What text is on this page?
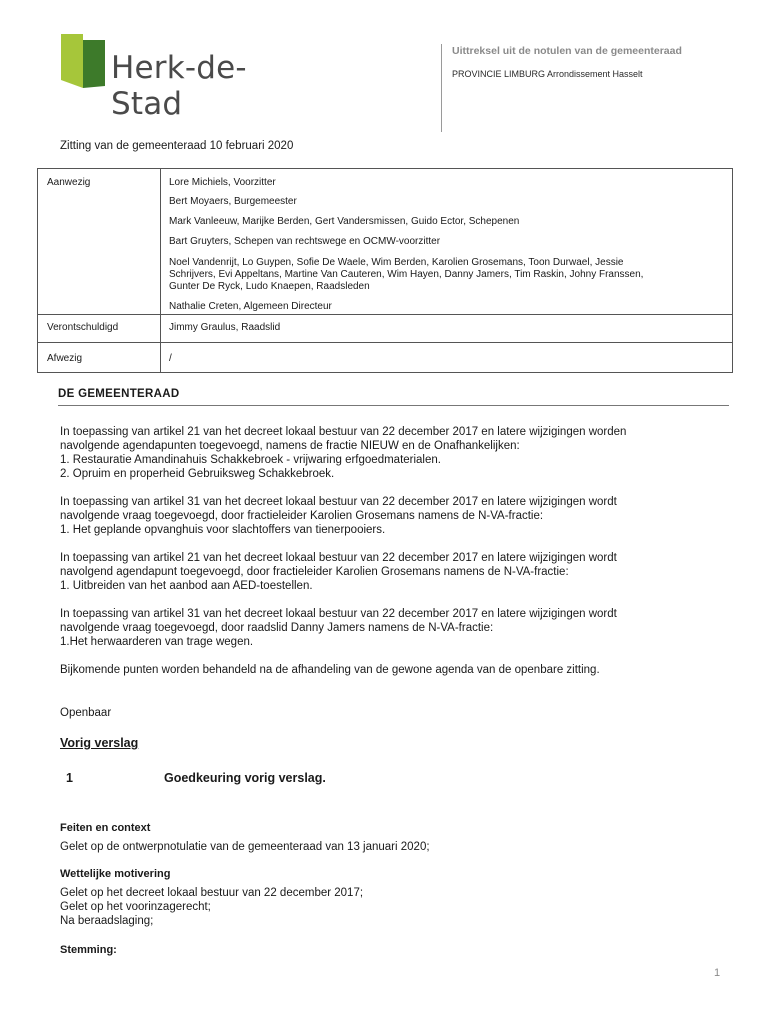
Herk-de-Stad
Uittreksel uit de notulen van de gemeenteraad
PROVINCIE LIMBURG Arrondissement Hasselt
Zitting van de gemeenteraad 10 februari 2020
Aanwezig	Lore Michiels, Voorzitter
Bert Moyaers, Burgemeester
Mark Vanleeuw, Marijke Berden, Gert Vandersmissen, Guido Ector, Schepenen
Bart Gruyters, Schepen van rechtswege en OCMW-voorzitter
Noel Vandenrijt, Lo Guypen, Sofie De Waele, Wim Berden, Karolien Grosemans, Toon Durwael, Jessie
Schrijvers, Evi Appeltans, Martine Van Cauteren, Wim Hayen, Danny Jamers, Tim Raskin, Johny Franssen,
Gunter De Ryck, Ludo Knaepen, Raadsleden
Nathalie Creten, Algemeen Directeur
Verontschuldigd	Jimmy Graulus, Raadslid
Afwezig	/
DE GEMEENTERAAD
In toepassing van artikel 21 van het decreet lokaal bestuur van 22 december 2017 en latere wijzigingen worden
navolgende agendapunten toegevoegd, namens de fractie NIEUW en de Onafhankelijken:
1. Restauratie Amandinahuis Schakkebroek - vrijwaring erfgoedmaterialen.
2. Opruim en properheid Gebruiksweg Schakkebroek.
In toepassing van artikel 31 van het decreet lokaal bestuur van 22 december 2017 en latere wijzigingen wordt
navolgende vraag toegevoegd, door fractieleider Karolien Grosemans namens de N-VA-fractie:
1. Het geplande opvanghuis voor slachtoffers van tienerpooiers.
In toepassing van artikel 21 van het decreet lokaal bestuur van 22 december 2017 en latere wijzigingen wordt
navolgend agendapunt toegevoegd, door fractieleider Karolien Grosemans namens de N-VA-fractie:
1. Uitbreiden van het aanbod aan AED-toestellen.
In toepassing van artikel 31 van het decreet lokaal bestuur van 22 december 2017 en latere wijzigingen wordt
navolgende vraag toegevoegd, door raadslid Danny Jamers namens de N-VA-fractie:
1.Het herwaarderen van trage wegen.
Bijkomende punten worden behandeld na de afhandeling van de gewone agenda van de openbare zitting.
Openbaar
Vorig verslag
1	Goedkeuring vorig verslag.
Feiten en context
Gelet op de ontwerpnotulatie van de gemeenteraad van 13 januari 2020;
Wettelijke motivering
Gelet op het decreet lokaal bestuur van 22 december 2017;
Gelet op het voorinzagerecht;
Na beraadslaging;
Stemming:
1
